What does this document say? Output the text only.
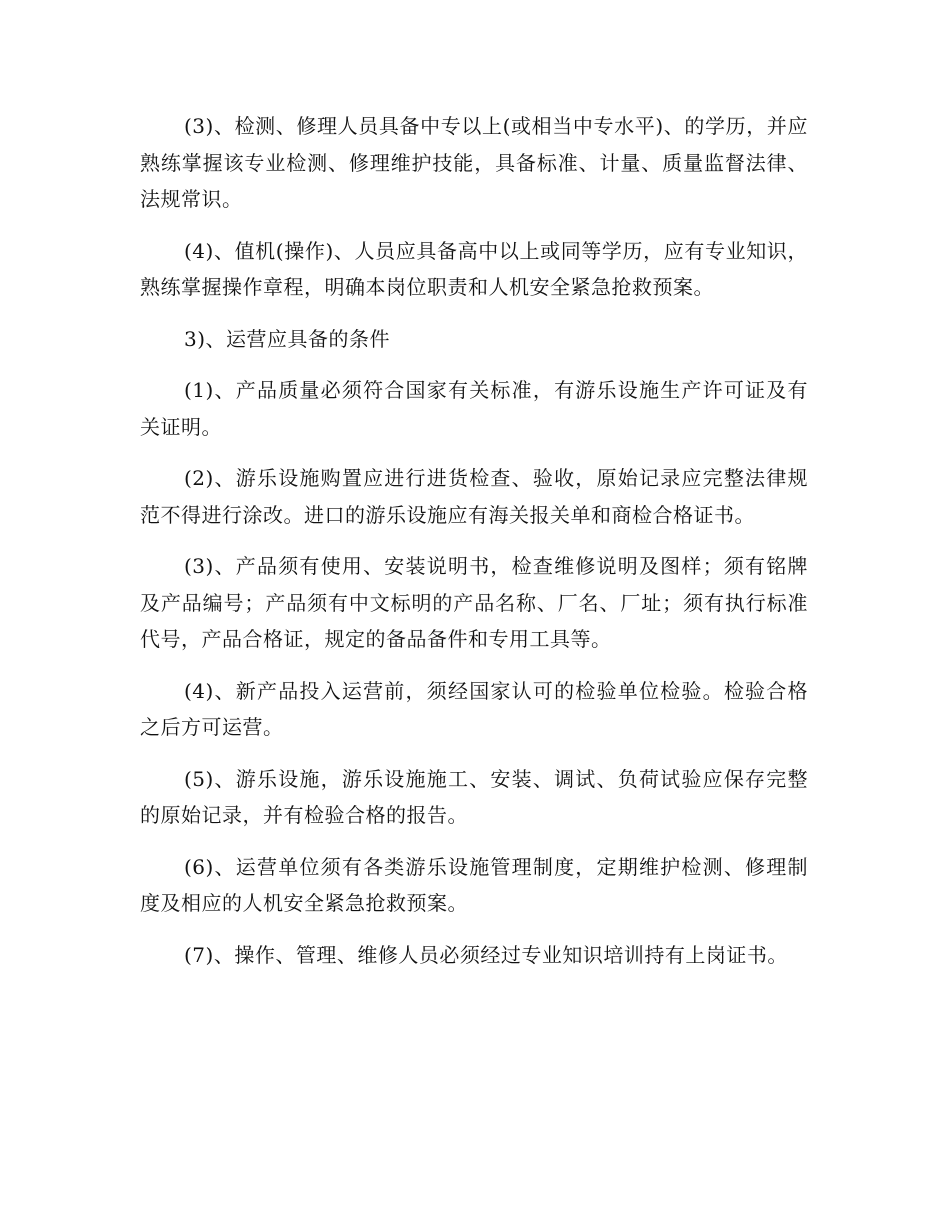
(3)、检测、修理人员具备中专以上(或相当中专水平)、的学历，并应熟练掌握该专业检测、修理维护技能，具备标准、计量、质量监督法律、法规常识。

(4)、值机(操作)、人员应具备高中以上或同等学历，应有专业知识，熟练掌握操作章程，明确本岗位职责和人机安全紧急抢救预案。

3)、运营应具备的条件

(1)、产品质量必须符合国家有关标准，有游乐设施生产许可证及有关证明。

(2)、游乐设施购置应进行进货检查、验收，原始记录应完整法律规范不得进行涂改。进口的游乐设施应有海关报关单和商检合格证书。

(3)、产品须有使用、安装说明书，检查维修说明及图样；须有铭牌及产品编号；产品须有中文标明的产品名称、厂名、厂址；须有执行标准代号，产品合格证，规定的备品备件和专用工具等。

(4)、新产品投入运营前，须经国家认可的检验单位检验。检验合格之后方可运营。

(5)、游乐设施，游乐设施施工、安装、调试、负荷试验应保存完整的原始记录，并有检验合格的报告。

(6)、运营单位须有各类游乐设施管理制度，定期维护检测、修理制度及相应的人机安全紧急抢救预案。

(7)、操作、管理、维修人员必须经过专业知识培训持有上岗证书。
